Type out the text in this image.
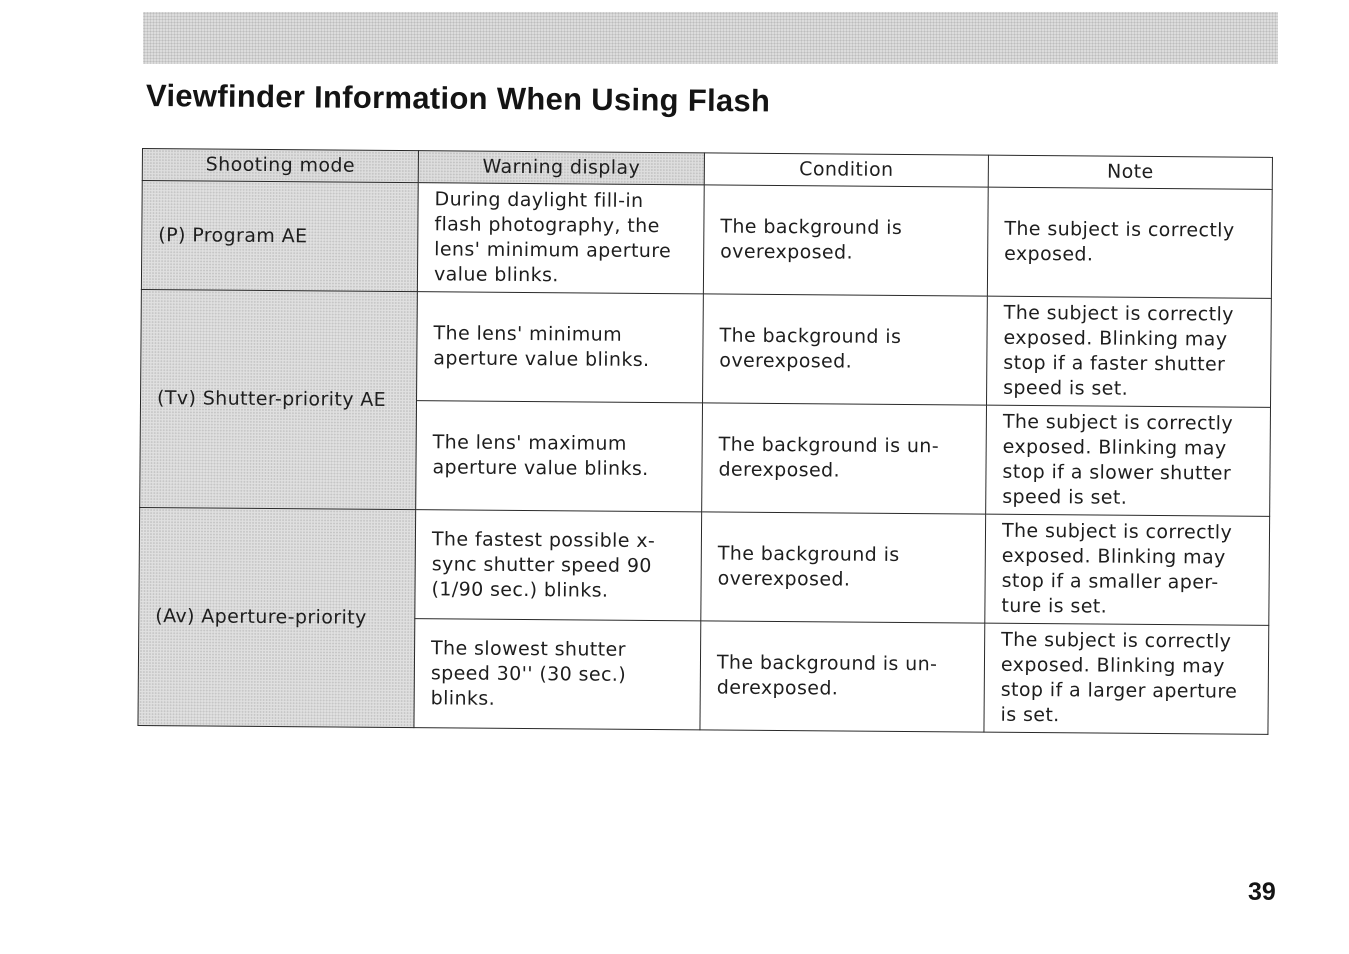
Viewfinder Information When Using Flash
Shooting mode	Warning display	Condition	Note
(P) Program AE	During daylight fill-in flash photography, the lens' minimum aperture value blinks.	The background is overexposed.	The subject is correctly exposed.
(Tv) Shutter-priority AE	The lens' minimum aperture value blinks.	The background is overexposed.	The subject is correctly exposed. Blinking may stop if a faster shutter speed is set.
	The lens' maximum aperture value blinks.	The background is un-derexposed.	The subject is correctly exposed. Blinking may stop if a slower shutter speed is set.
(Av) Aperture-priority	The fastest possible x-sync shutter speed 90 (1/90 sec.) blinks.	The background is overexposed.	The subject is correctly exposed. Blinking may stop if a smaller aper-ture is set.
	The slowest shutter speed 30'' (30 sec.) blinks.	The background is un-derexposed.	The subject is correctly exposed. Blinking may stop if a larger aperture is set.
39
